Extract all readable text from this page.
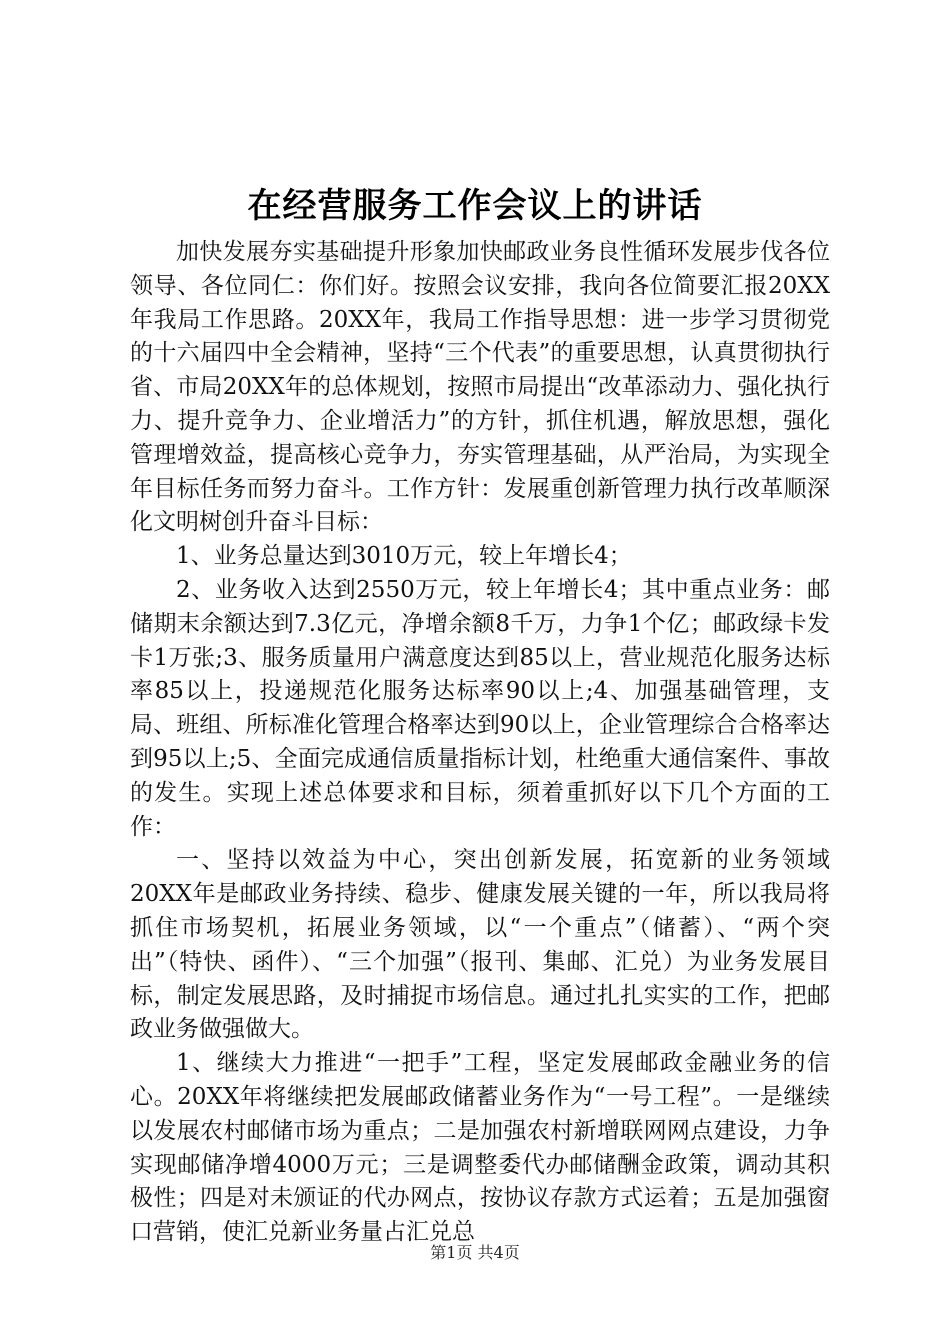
在经营服务工作会议上的讲话

加快发展夯实基础提升形象加快邮政业务良性循环发展步伐各位领导、各位同仁：你们好。按照会议安排，我向各位简要汇报20XX年我局工作思路。20XX年，我局工作指导思想：进一步学习贯彻党的十六届四中全会精神，坚持“三个代表”的重要思想，认真贯彻执行省、市局20XX年的总体规划，按照市局提出“改革添动力、强化执行力、提升竞争力、企业增活力”的方针，抓住机遇，解放思想，强化管理增效益，提高核心竞争力，夯实管理基础，从严治局，为实现全年目标任务而努力奋斗。工作方针：发展重创新管理力执行改革顺深化文明树创升奋斗目标：

1、业务总量达到3010万元，较上年增长4；

2、业务收入达到2550万元，较上年增长4；其中重点业务：邮储期末余额达到7.3亿元，净增余额8千万，力争1个亿；邮政绿卡发卡1万张;3、服务质量用户满意度达到85以上，营业规范化服务达标率85以上，投递规范化服务达标率90以上;4、加强基础管理，支局、班组、所标准化管理合格率达到90以上，企业管理综合合格率达到95以上;5、全面完成通信质量指标计划，杜绝重大通信案件、事故的发生。实现上述总体要求和目标，须着重抓好以下几个方面的工作：

一、坚持以效益为中心，突出创新发展，拓宽新的业务领域20XX年是邮政业务持续、稳步、健康发展关键的一年，所以我局将抓住市场契机，拓展业务领域，以“一个重点”（储蓄）、“两个突出”（特快、函件）、“三个加强”（报刊、集邮、汇兑）为业务发展目标，制定发展思路，及时捕捉市场信息。通过扎扎实实的工作，把邮政业务做强做大。

1、继续大力推进“一把手”工程，坚定发展邮政金融业务的信心。20XX年将继续把发展邮政储蓄业务作为“一号工程”。一是继续以发展农村邮储市场为重点；二是加强农村新增联网网点建设，力争实现邮储净增4000万元；三是调整委代办邮储酬金政策，调动其积极性；四是对未颁证的代办网点，按协议存款方式运着；五是加强窗口营销，使汇兑新业务量占汇兑总

第1页 共4页
